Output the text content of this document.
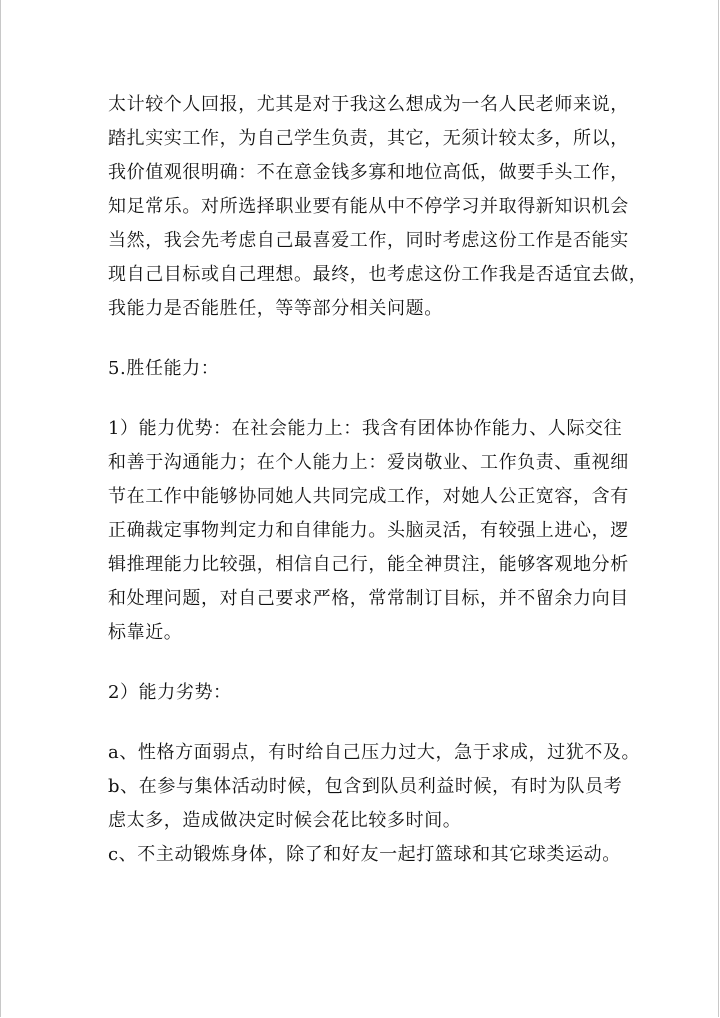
太计较个人回报，尤其是对于我这么想成为一名人民老师来说，
踏扎实实工作，为自己学生负责，其它，无须计较太多，所以，
我价值观很明确：不在意金钱多寡和地位高低，做要手头工作，
知足常乐。对所选择职业要有能从中不停学习并取得新知识机会
当然，我会先考虑自己最喜爱工作，同时考虑这份工作是否能实
现自己目标或自己理想。最终，也考虑这份工作我是否适宜去做，
我能力是否能胜任，等等部分相关问题。
5.胜任能力：
1）能力优势：在社会能力上：我含有团体协作能力、人际交往
和善于沟通能力；在个人能力上：爱岗敬业、工作负责、重视细
节在工作中能够协同她人共同完成工作，对她人公正宽容，含有
正确裁定事物判定力和自律能力。头脑灵活，有较强上进心，逻
辑推理能力比较强，相信自己行，能全神贯注，能够客观地分析
和处理问题，对自己要求严格，常常制订目标，并不留余力向目
标靠近。
2）能力劣势：
a、性格方面弱点，有时给自己压力过大，急于求成，过犹不及。
b、在参与集体活动时候，包含到队员利益时候，有时为队员考
虑太多，造成做决定时候会花比较多时间。
c、不主动锻炼身体，除了和好友一起打篮球和其它球类运动。
